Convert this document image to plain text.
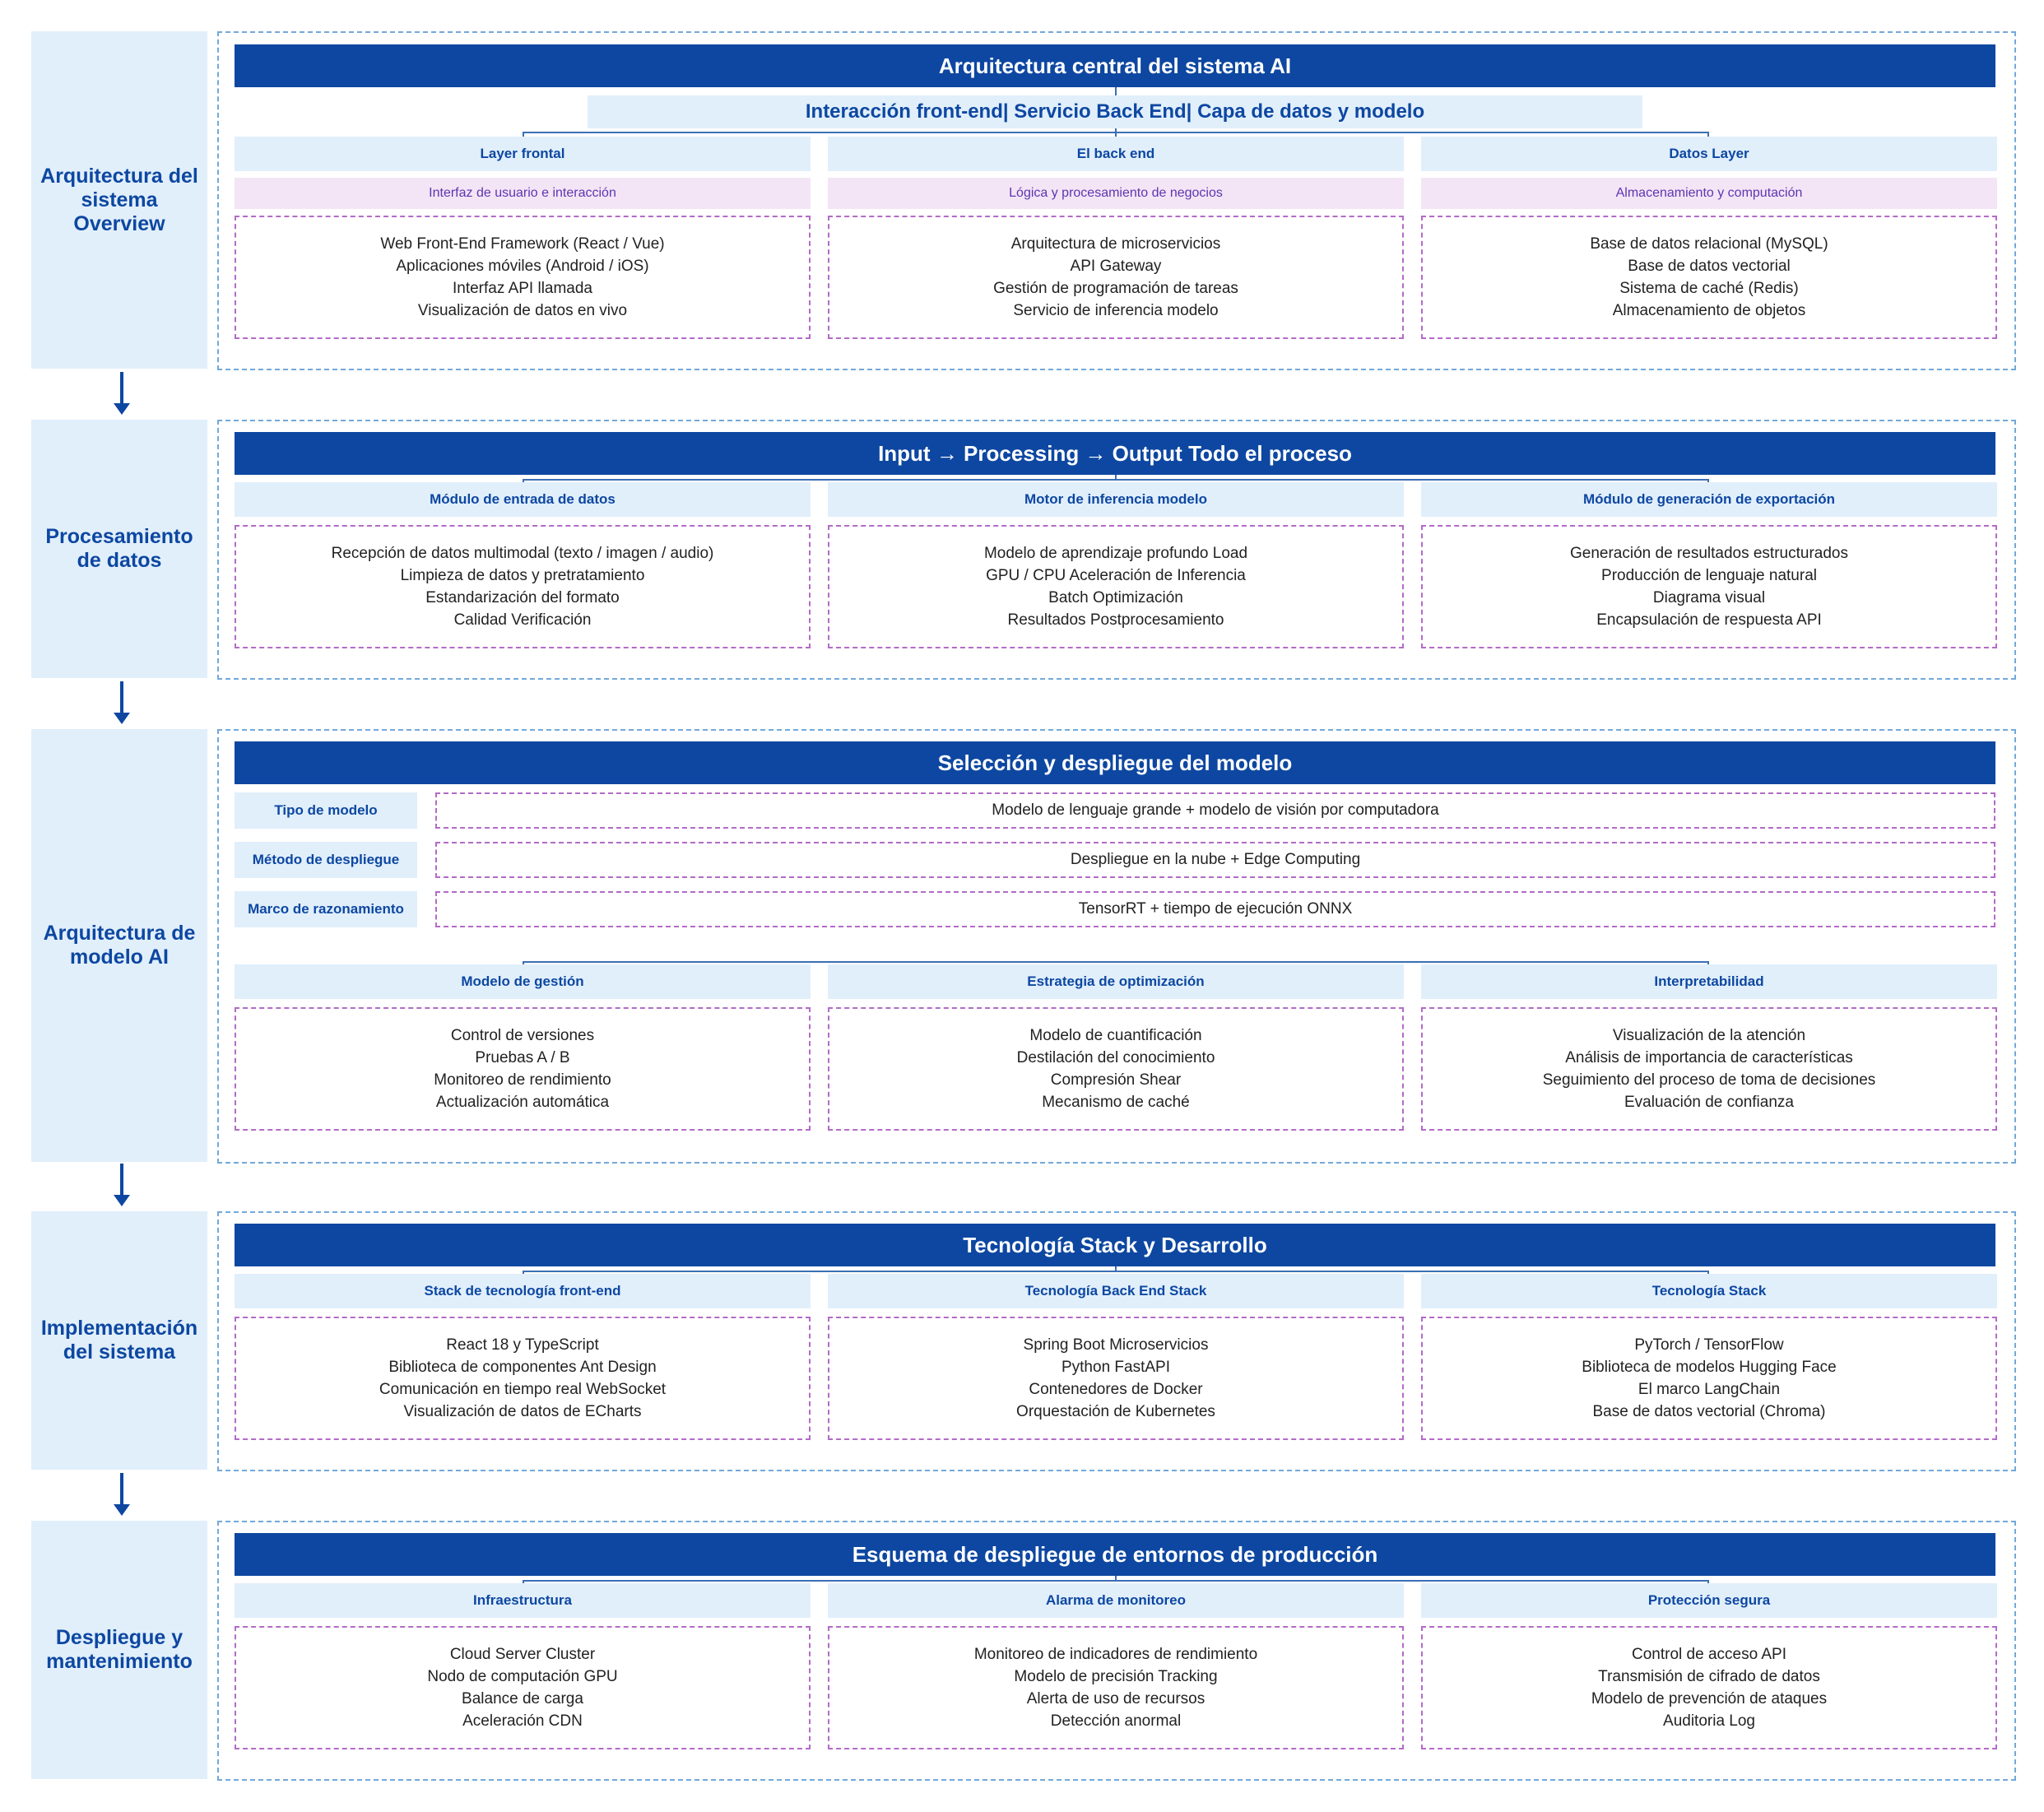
Arquitectura del sistema Overview
Arquitectura central del sistema AI
Interacción front-end| Servicio Back End| Capa de datos y modelo
Layer frontal
Interfaz de usuario e interacción
Web Front-End Framework (React / Vue)
Aplicaciones móviles (Android / iOS)
Interfaz API llamada
Visualización de datos en vivo
El back end
Lógica y procesamiento de negocios
Arquitectura de microservicios
API Gateway
Gestión de programación de tareas
Servicio de inferencia modelo
Datos Layer
Almacenamiento y computación
Base de datos relacional (MySQL)
Base de datos vectorial
Sistema de caché (Redis)
Almacenamiento de objetos
Procesamiento de datos
Input → Processing → Output Todo el proceso
Módulo de entrada de datos
Recepción de datos multimodal (texto / imagen / audio)
Limpieza de datos y pretratamiento
Estandarización del formato
Calidad Verificación
Motor de inferencia modelo
Modelo de aprendizaje profundo Load
GPU / CPU Aceleración de Inferencia
Batch Optimización
Resultados Postprocesamiento
Módulo de generación de exportación
Generación de resultados estructurados
Producción de lenguaje natural
Diagrama visual
Encapsulación de respuesta API
Arquitectura de modelo AI
Selección y despliegue del modelo
Tipo de modelo	Modelo de lenguaje grande + modelo de visión por computadora
Método de despliegue	Despliegue en la nube + Edge Computing
Marco de razonamiento	TensorRT + tiempo de ejecución ONNX
Modelo de gestión
Control de versiones
Pruebas A / B
Monitoreo de rendimiento
Actualización automática
Estrategia de optimización
Modelo de cuantificación
Destilación del conocimiento
Compresión Shear
Mecanismo de caché
Interpretabilidad
Visualización de la atención
Análisis de importancia de características
Seguimiento del proceso de toma de decisiones
Evaluación de confianza
Implementación del sistema
Tecnología Stack y Desarrollo
Stack de tecnología front-end
React 18 y TypeScript
Biblioteca de componentes Ant Design
Comunicación en tiempo real WebSocket
Visualización de datos de ECharts
Tecnología Back End Stack
Spring Boot Microservicios
Python FastAPI
Contenedores de Docker
Orquestación de Kubernetes
Tecnología Stack
PyTorch / TensorFlow
Biblioteca de modelos Hugging Face
El marco LangChain
Base de datos vectorial (Chroma)
Despliegue y mantenimiento
Esquema de despliegue de entornos de producción
Infraestructura
Cloud Server Cluster
Nodo de computación GPU
Balance de carga
Aceleración CDN
Alarma de monitoreo
Monitoreo de indicadores de rendimiento
Modelo de precisión Tracking
Alerta de uso de recursos
Detección anormal
Protección segura
Control de acceso API
Transmisión de cifrado de datos
Modelo de prevención de ataques
Auditoria Log
